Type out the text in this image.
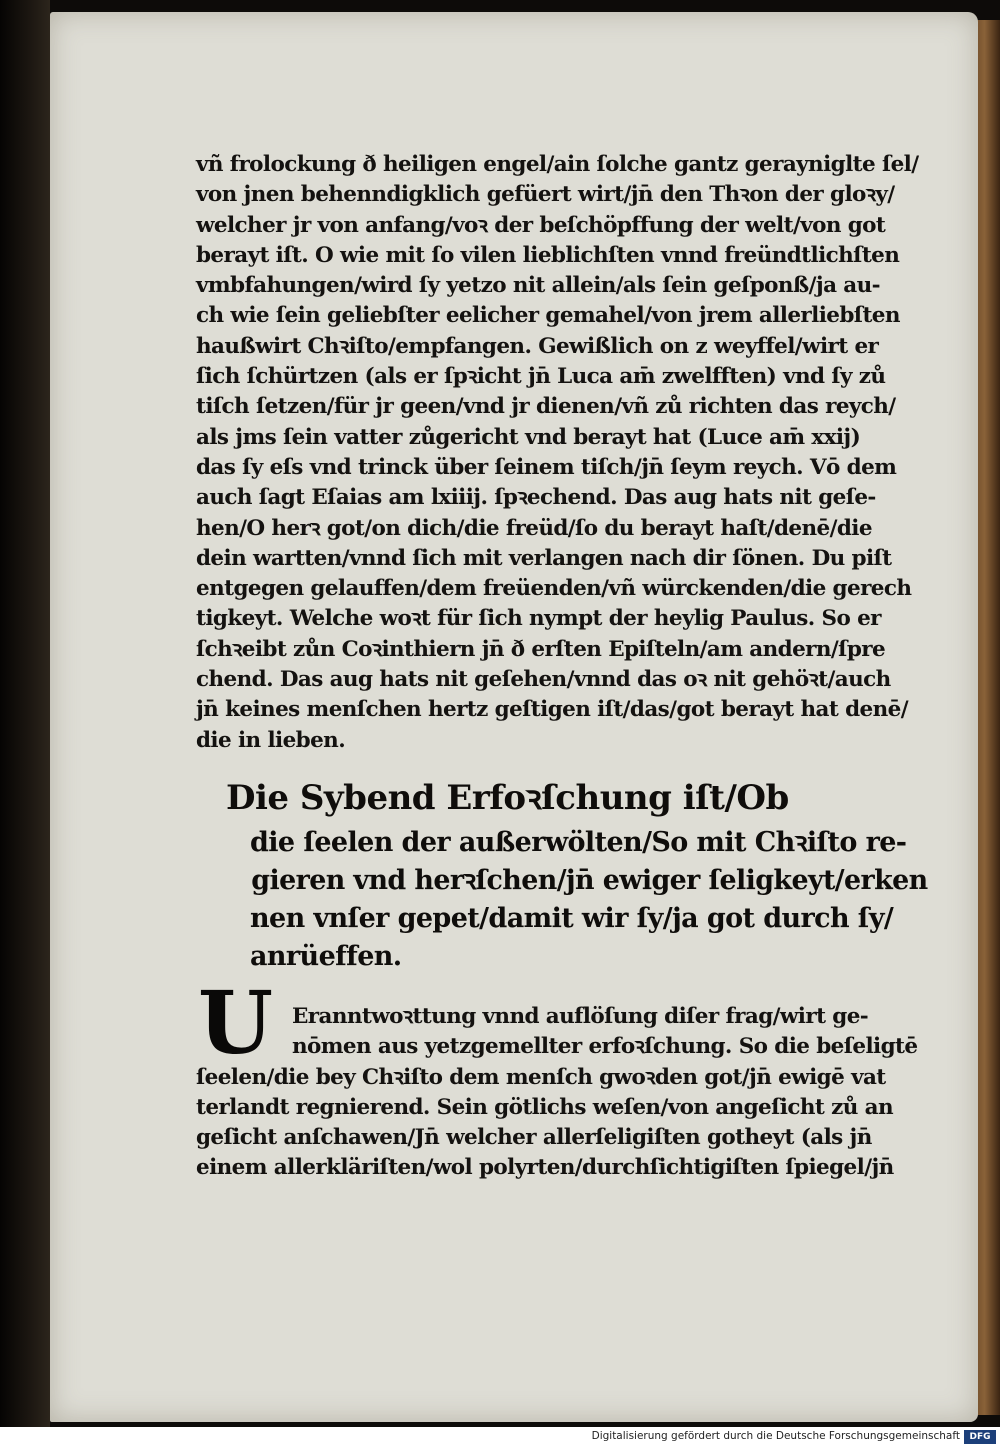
vñ frolockung ð heiligen engel/ain ſolche gantz gerayniglte ſel/
von jnen behenndigklich gefüert wirt/jn̄ den Thꝛon der gloꝛy/
welcher jr von anfang/voꝛ der beſchöpffung der welt/von got
berayt iſt. O wie mit ſo vilen lieblichſten vnnd freündtlichſten
vmbfahungen/wird ſy yetzo nit allein/als ſein geſponß/ja au-
ch wie ſein geliebſter eelicher gemahel/von jrem allerliebſten
haußwirt Chꝛiſto/empfangen. Gewißlich on z weyffel/wirt er
ſich ſchürtzen (als er ſpꝛicht jn̄ Luca am̄ zwelfften) vnd ſy zů
tiſch ſetzen/für jr geen/vnd jr dienen/vñ zů richten das reych/
als jms ſein vatter zůgericht vnd berayt hat (Luce am̄ xxij)
das ſy eſs vnd trinck über ſeinem tiſch/jn̄ ſeym reych. Vō dem
auch ſagt Eſaias am lxiiij. ſpꝛechend. Das aug hats nit geſe-
hen/O herꝛ got/on dich/die freüd/ſo du berayt haſt/denē/die
dein wartten/vnnd ſich mit verlangen nach dir ſönen. Du piſt
entgegen gelauffen/dem freüenden/vñ würckenden/die gerech
tigkeyt. Welche woꝛt für ſich nympt der heylig Paulus. So er
ſchꝛeibt zůn Coꝛinthiern jn̄ ð erſten Epiſteln/am andern/ſpre
chend. Das aug hats nit geſehen/vnnd das oꝛ nit gehöꝛt/auch
jn̄ keines menſchen hertz geſtigen iſt/das/got berayt hat denē/
die in lieben.
Die Sybend Erfoꝛſchung iſt/Ob
die ſeelen der außerwölten/So mit Chꝛiſto re-
gieren vnd herꝛſchen/jn̄ ewiger ſeligkeyt/erken
nen vnſer gepet/damit wir ſy/ja got durch ſy/
anrüeffen.
U Eranntwoꝛttung vnnd auflöſung diſer frag/wirt ge-
nōmen aus yetzgemellter erfoꝛſchung. So die beſeligtē
ſeelen/die bey Chꝛiſto dem menſch gwoꝛden got/jn̄ ewigē vat
terlandt regnierend. Sein götlichs weſen/von angeſicht zů an
geſicht anſchawen/Jn̄ welcher allerſeligiſten gotheyt (als jn̄
einem allerkläriſten/wol polyrten/durchſichtigiſten ſpiegel/jn̄
Digitalisierung gefördert durch die Deutsche Forschungsgemeinschaft	DFG
